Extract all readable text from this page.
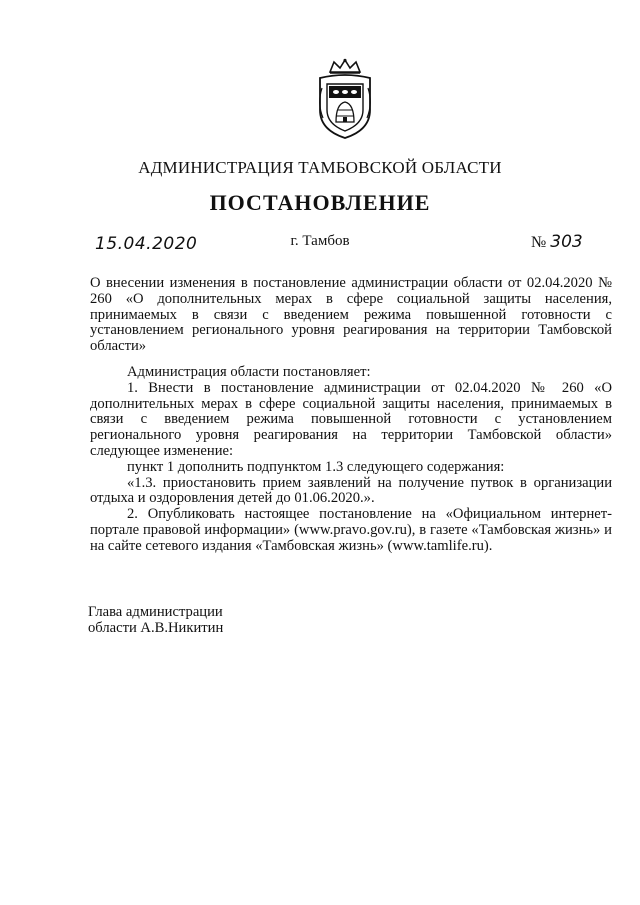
АДМИНИСТРАЦИЯ ТАМБОВСКОЙ ОБЛАСТИ
ПОСТАНОВЛЕНИЕ
15.04.2020	г. Тамбов	№ 303
О внесении изменения в постановление администрации области от 02.04.2020 № 260 «О дополнительных мерах в сфере социальной защиты населения, принимаемых в связи с введением режима повышенной готовности с установлением регионального уровня реагирования на территории Тамбовской области»

Администрация области постановляет:

1. Внести в постановление администрации от 02.04.2020 № 260 «О дополнительных мерах в сфере социальной защиты населения, принимаемых в связи с введением режима повышенной готовности с установлением регионального уровня реагирования на территории Тамбовской области» следующее изменение:

пункт 1 дополнить подпунктом 1.3 следующего содержания:

«1.3. приостановить прием заявлений на получение путвок в организации отдыха и оздоровления детей до 01.06.2020.».

2. Опубликовать настоящее постановление на «Официальном интернет-портале правовой информации» (www.pravo.gov.ru), в газете «Тамбовская жизнь» и на сайте сетевого издания «Тамбовская жизнь» (www.tamlife.ru).

Глава администрации
области А.В.Никитин
